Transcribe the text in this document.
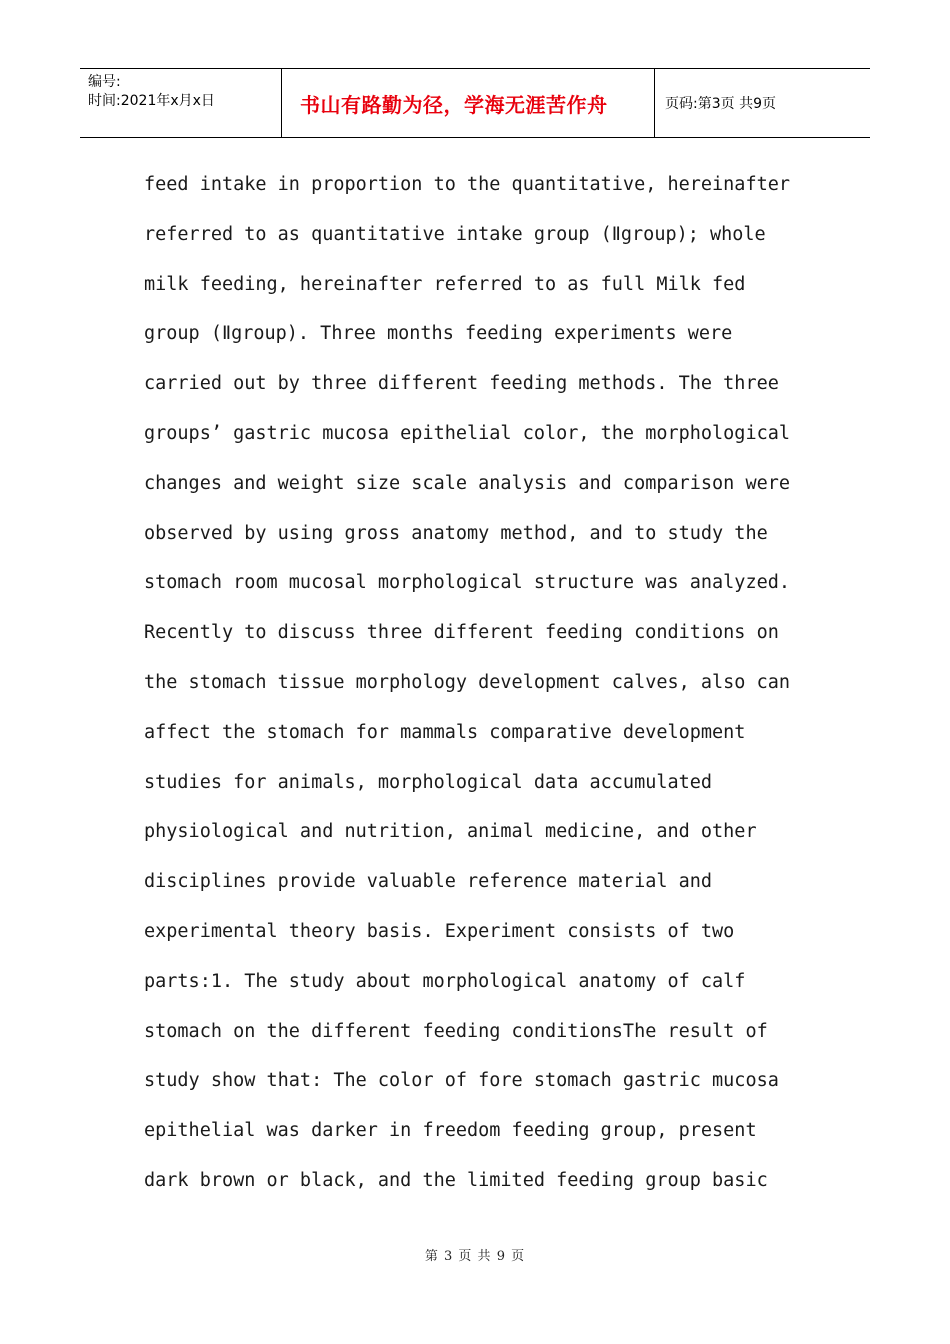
编号:
时间:2021年x月x日	书山有路勤为径，学海无涯苦作舟	页码:第3页 共9页
feed intake in proportion to the quantitative, hereinafter
referred to as quantitative intake group (Ⅱgroup); whole
milk feeding, hereinafter referred to as full Milk fed
group (Ⅱgroup). Three months feeding experiments were
carried out by three different feeding methods. The three
groups’ gastric mucosa epithelial color, the morphological
changes and weight size scale analysis and comparison were
observed by using gross anatomy method, and to study the
stomach room mucosal morphological structure was analyzed.
Recently to discuss three different feeding conditions on
the stomach tissue morphology development calves, also can
affect the stomach for mammals comparative development
studies for animals, morphological data accumulated
physiological and nutrition, animal medicine, and other
disciplines provide valuable reference material and
experimental theory basis. Experiment consists of two
parts:1. The study about morphological anatomy of calf
stomach on the different feeding conditionsThe result of
study show that: The color of fore stomach gastric mucosa
epithelial was darker in freedom feeding group, present
dark brown or black, and the limited feeding group basic
第 3 页 共 9 页
